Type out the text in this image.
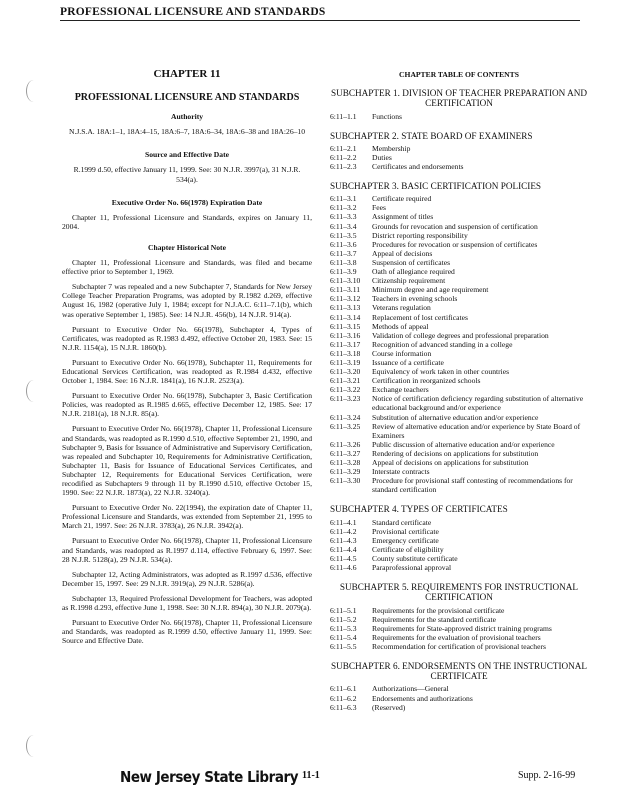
PROFESSIONAL LICENSURE AND STANDARDS
CHAPTER 11
PROFESSIONAL LICENSURE AND STANDARDS
Authority
N.J.S.A. 18A:1–1, 18A:4–15, 18A:6–7, 18A:6–34, 18A:6–38 and 18A:26–10
Source and Effective Date
R.1999 d.50, effective January 11, 1999. See: 30 N.J.R. 3997(a), 31 N.J.R. 534(a).
Executive Order No. 66(1978) Expiration Date
Chapter 11, Professional Licensure and Standards, expires on January 11, 2004.
Chapter Historical Note
Chapter 11, Professional Licensure and Standards, was filed and became effective prior to September 1, 1969.
Subchapter 7 was repealed and a new Subchapter 7, Standards for New Jersey College Teacher Preparation Programs, was adopted by R.1982 d.269, effective August 16, 1982 (operative July 1, 1984; except for N.J.A.C. 6:11–7.1(b), which was operative September 1, 1985). See: 14 N.J.R. 456(b), 14 N.J.R. 914(a).
Pursuant to Executive Order No. 66(1978), Subchapter 4, Types of Certificates, was readopted as R.1983 d.492, effective October 20, 1983. See: 15 N.J.R. 1154(a), 15 N.J.R. 1860(b).
Pursuant to Executive Order No. 66(1978), Subchapter 11, Requirements for Educational Services Certification, was readopted as R.1984 d.432, effective October 1, 1984. See: 16 N.J.R. 1841(a), 16 N.J.R. 2523(a).
Pursuant to Executive Order No. 66(1978), Subchapter 3, Basic Certification Policies, was readopted as R.1985 d.665, effective December 12, 1985. See: 17 N.J.R. 2181(a), 18 N.J.R. 85(a).
Pursuant to Executive Order No. 66(1978), Chapter 11, Professional Licensure and Standards, was readopted as R.1990 d.510, effective September 21, 1990, and Subchapter 9, Basis for Issuance of Administrative and Supervisory Certification, was repealed and Subchapter 10, Requirements for Administrative Certification, Subchapter 11, Basis for Issuance of Educational Services Certificates, and Subchapter 12, Requirements for Educational Services Certification, were recodified as Subchapters 9 through 11 by R.1990 d.510, effective October 15, 1990. See: 22 N.J.R. 1873(a), 22 N.J.R. 3240(a).
Pursuant to Executive Order No. 22(1994), the expiration date of Chapter 11, Professional Licensure and Standards, was extended from September 21, 1995 to March 21, 1997. See: 26 N.J.R. 3783(a), 26 N.J.R. 3942(a).
Pursuant to Executive Order No. 66(1978), Chapter 11, Professional Licensure and Standards, was readopted as R.1997 d.114, effective February 6, 1997. See: 28 N.J.R. 5128(a), 29 N.J.R. 534(a).
Subchapter 12, Acting Administrators, was adopted as R.1997 d.536, effective December 15, 1997. See: 29 N.J.R. 3919(a), 29 N.J.R. 5286(a).
Subchapter 13, Required Professional Development for Teachers, was adopted as R.1998 d.293, effective June 1, 1998. See: 30 N.J.R. 894(a), 30 N.J.R. 2079(a).
Pursuant to Executive Order No. 66(1978), Chapter 11, Professional Licensure and Standards, was readopted as R.1999 d.50, effective January 11, 1999. See: Source and Effective Date.
CHAPTER TABLE OF CONTENTS
SUBCHAPTER 1. DIVISION OF TEACHER PREPARATION AND CERTIFICATION
6:11–1.1	Functions
SUBCHAPTER 2. STATE BOARD OF EXAMINERS
6:11–2.1	Membership
6:11–2.2	Duties
6:11–2.3	Certificates and endorsements
SUBCHAPTER 3. BASIC CERTIFICATION POLICIES
6:11–3.1	Certificate required
6:11–3.2	Fees
6:11–3.3	Assignment of titles
6:11–3.4	Grounds for revocation and suspension of certification
6:11–3.5	District reporting responsibility
6:11–3.6	Procedures for revocation or suspension of certificates
6:11–3.7	Appeal of decisions
6:11–3.8	Suspension of certificates
6:11–3.9	Oath of allegiance required
6:11–3.10	Citizenship requirement
6:11–3.11	Minimum degree and age requirement
6:11–3.12	Teachers in evening schools
6:11–3.13	Veterans regulation
6:11–3.14	Replacement of lost certificates
6:11–3.15	Methods of appeal
6:11–3.16	Validation of college degrees and professional preparation
6:11–3.17	Recognition of advanced standing in a college
6:11–3.18	Course information
6:11–3.19	Issuance of a certificate
6:11–3.20	Equivalency of work taken in other countries
6:11–3.21	Certification in reorganized schools
6:11–3.22	Exchange teachers
6:11–3.23	Notice of certification deficiency regarding substitution of alternative educational background and/or experience
6:11–3.24	Substitution of alternative education and/or experience
6:11–3.25	Review of alternative education and/or experience by State Board of Examiners
6:11–3.26	Public discussion of alternative education and/or experience
6:11–3.27	Rendering of decisions on applications for substitution
6:11–3.28	Appeal of decisions on applications for substitution
6:11–3.29	Interstate contracts
6:11–3.30	Procedure for provisional staff contesting of recommendations for standard certification
SUBCHAPTER 4. TYPES OF CERTIFICATES
6:11–4.1	Standard certificate
6:11–4.2	Provisional certificate
6:11–4.3	Emergency certificate
6:11–4.4	Certificate of eligibility
6:11–4.5	County substitute certificate
6:11–4.6	Paraprofessional approval
SUBCHAPTER 5. REQUIREMENTS FOR INSTRUCTIONAL CERTIFICATION
6:11–5.1	Requirements for the provisional certificate
6:11–5.2	Requirements for the standard certificate
6:11–5.3	Requirements for State-approved district training programs
6:11–5.4	Requirements for the evaluation of provisional teachers
6:11–5.5	Recommendation for certification of provisional teachers
SUBCHAPTER 6. ENDORSEMENTS ON THE INSTRUCTIONAL CERTIFICATE
6:11–6.1	Authorizations—General
6:11–6.2	Endorsements and authorizations
6:11–6.3	(Reserved)
New Jersey State Library 11-1	Supp. 2-16-99
